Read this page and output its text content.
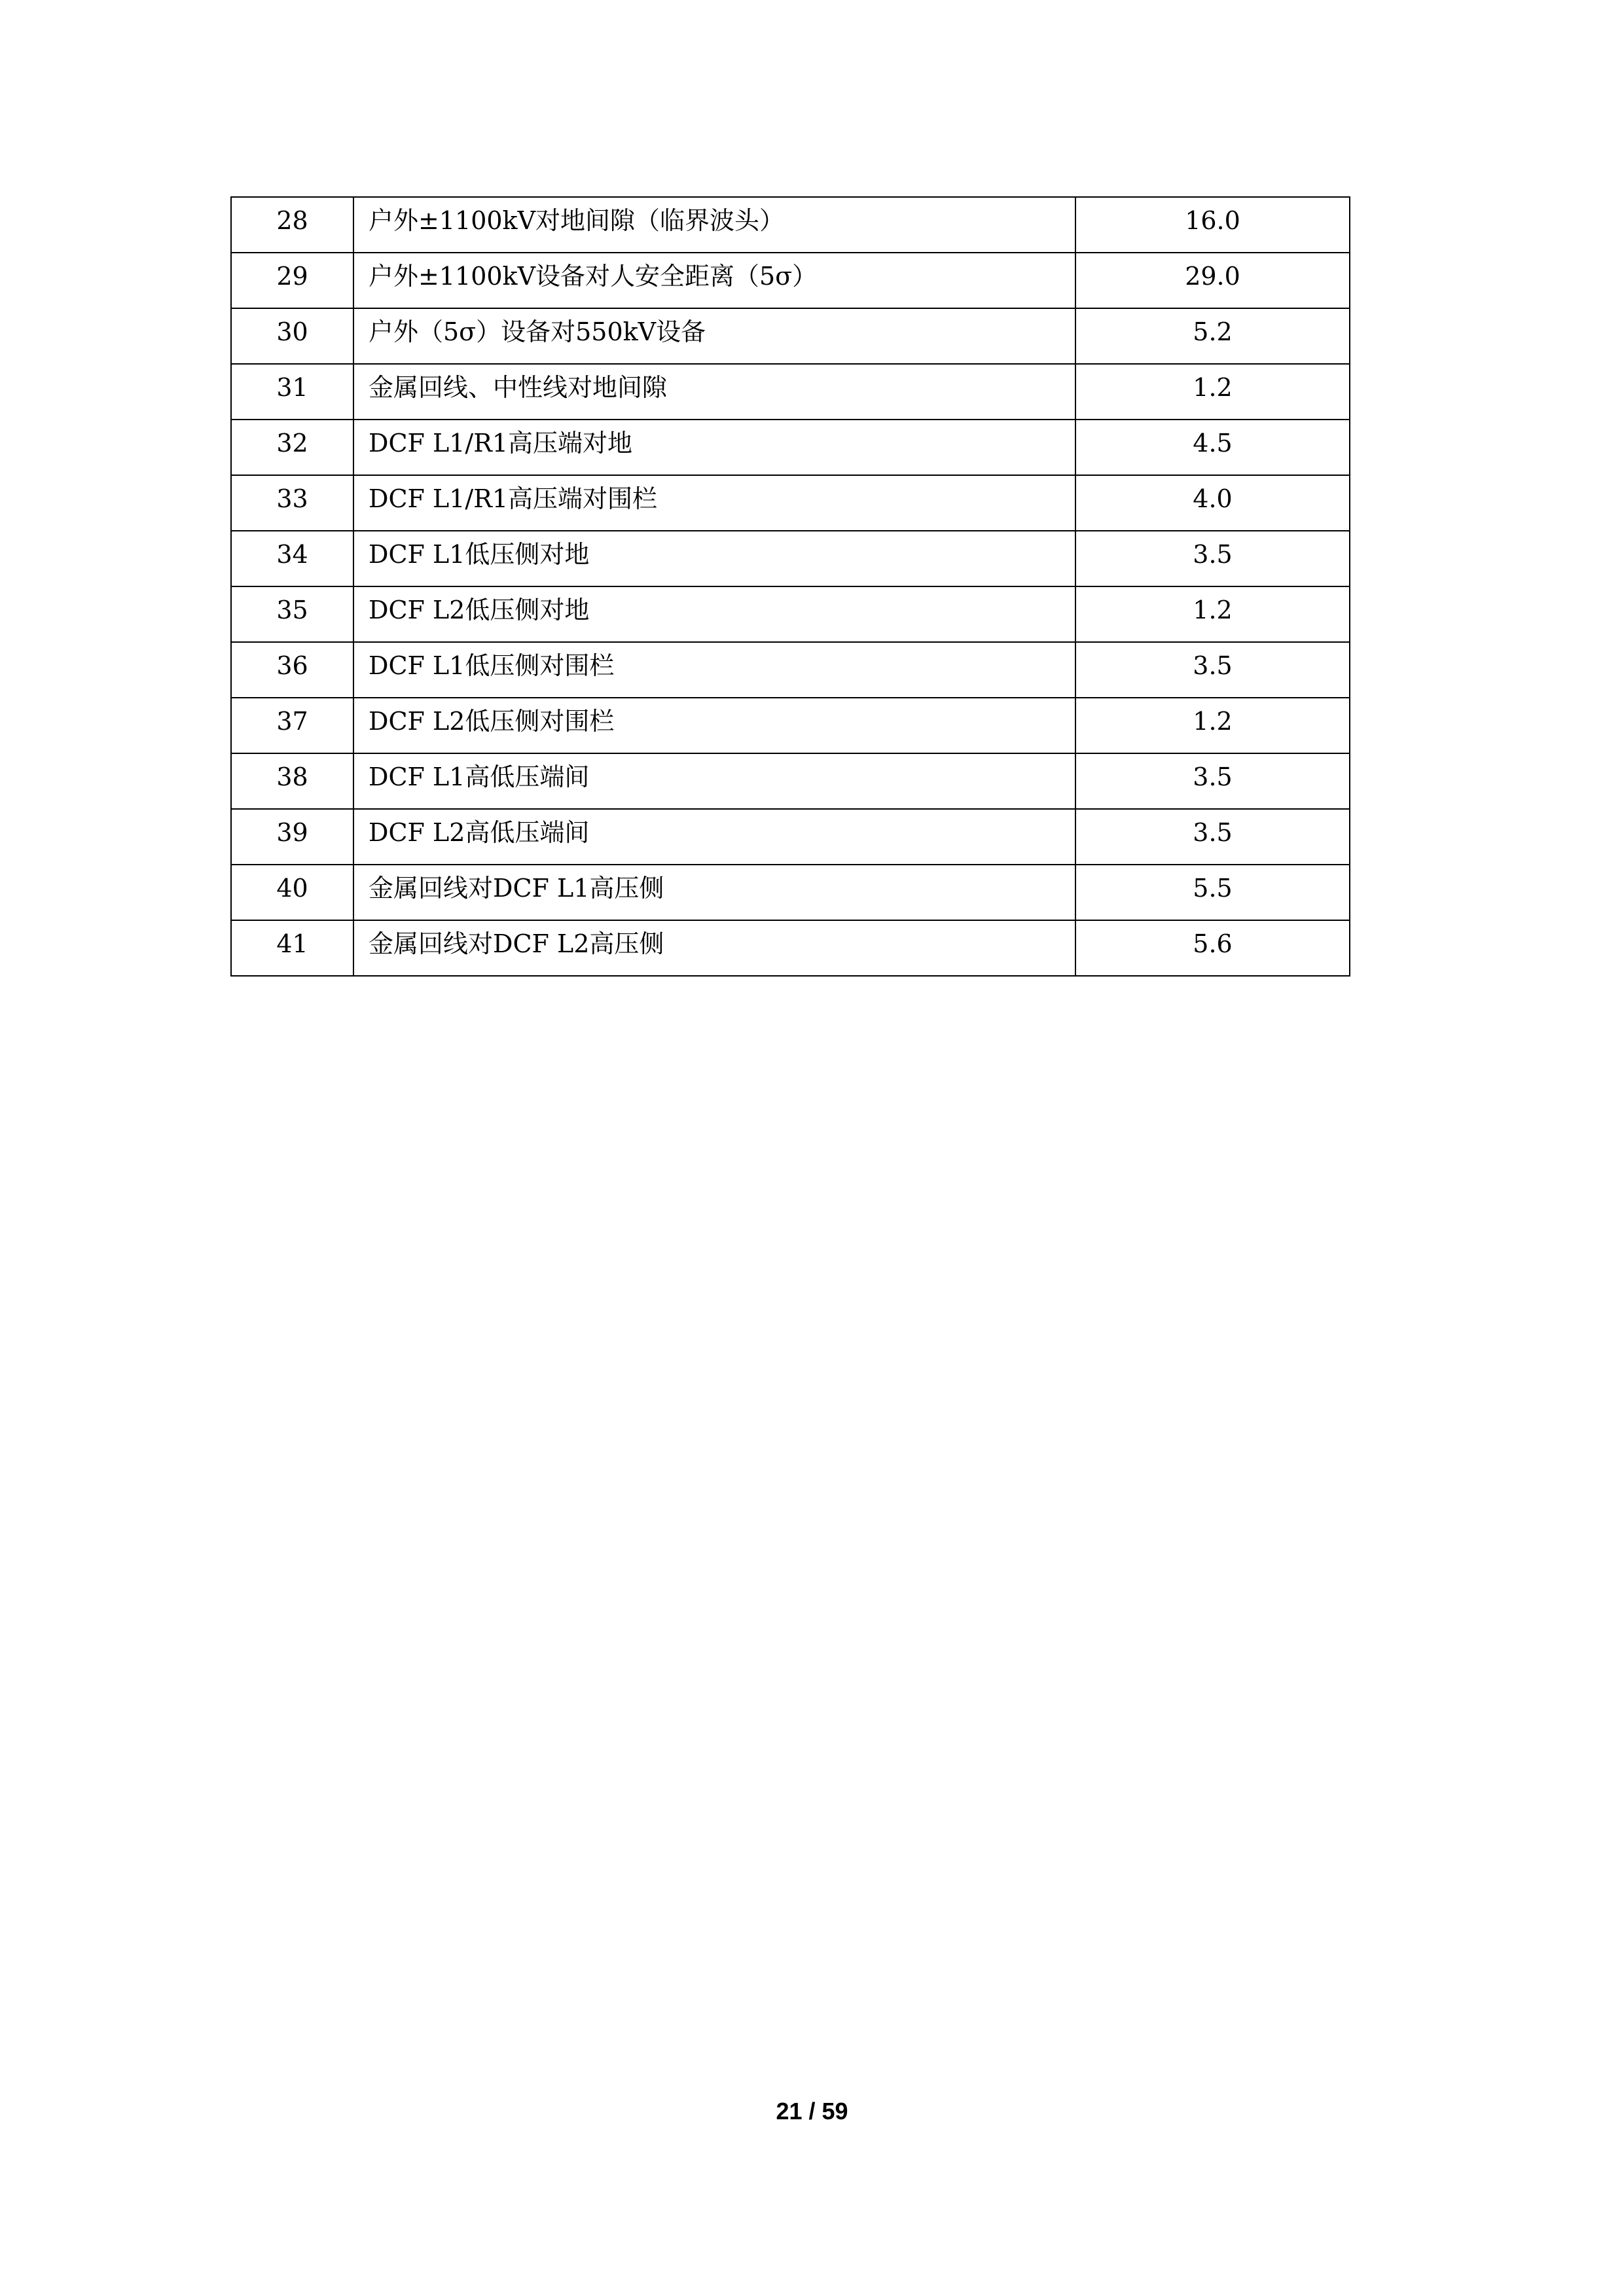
28	户外±1100kV对地间隙（临界波头）	16.0
29	户外±1100kV设备对人安全距离（5σ）	29.0
30	户外（5σ）设备对550kV设备	5.2
31	金属回线、中性线对地间隙	1.2
32	DCF L1/R1高压端对地	4.5
33	DCF L1/R1高压端对围栏	4.0
34	DCF L1低压侧对地	3.5
35	DCF L2低压侧对地	1.2
36	DCF L1低压侧对围栏	3.5
37	DCF L2低压侧对围栏	1.2
38	DCF L1高低压端间	3.5
39	DCF L2高低压端间	3.5
40	金属回线对DCF L1高压侧	5.5
41	金属回线对DCF L2高压侧	5.6
21 / 59
